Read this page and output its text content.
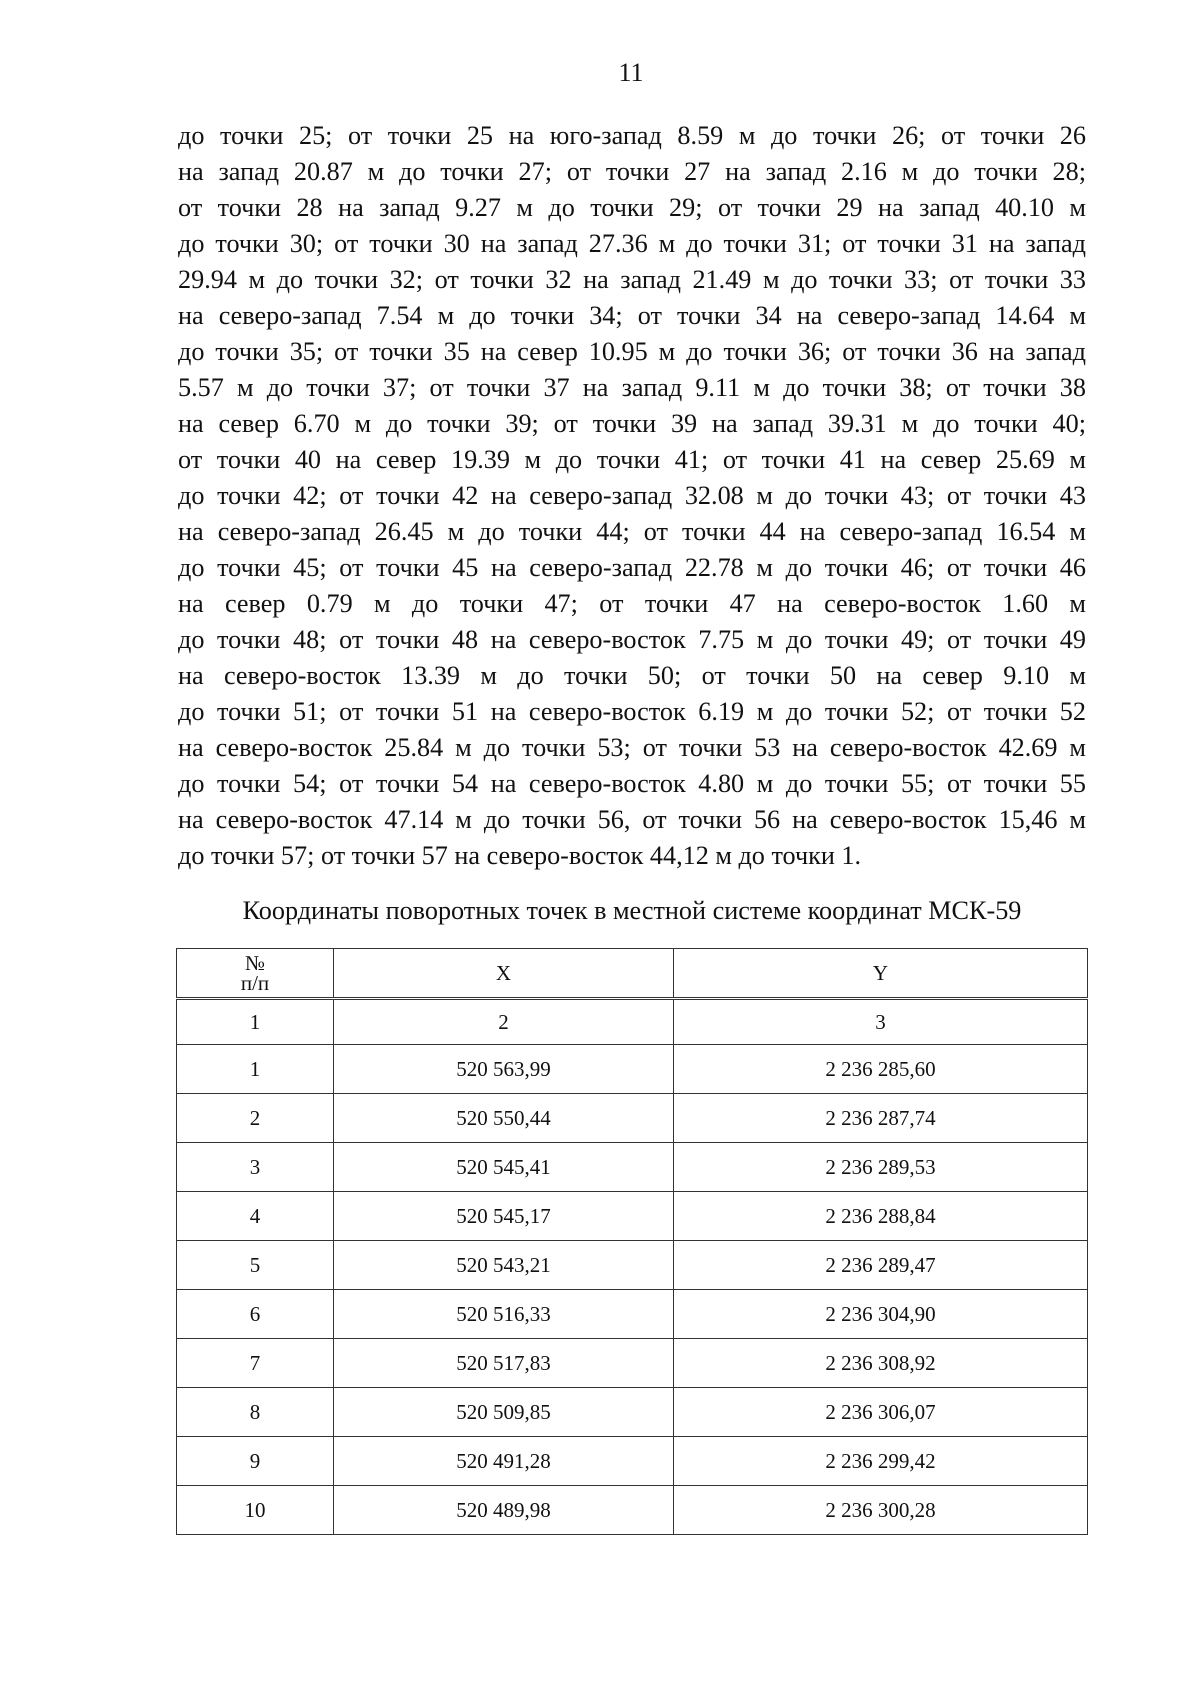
11
до точки 25; от точки 25 на юго-запад 8.59 м до точки 26; от точки 26
на запад 20.87 м до точки 27; от точки 27 на запад 2.16 м до точки 28;
от точки 28 на запад 9.27 м до точки 29; от точки 29 на запад 40.10 м
до точки 30; от точки 30 на запад 27.36 м до точки 31; от точки 31 на запад
29.94 м до точки 32; от точки 32 на запад 21.49 м до точки 33; от точки 33
на северо-запад 7.54 м до точки 34; от точки 34 на северо-запад 14.64 м
до точки 35; от точки 35 на север 10.95 м до точки 36; от точки 36 на запад
5.57 м до точки 37; от точки 37 на запад 9.11 м до точки 38; от точки 38
на север 6.70 м до точки 39; от точки 39 на запад 39.31 м до точки 40;
от точки 40 на север 19.39 м до точки 41; от точки 41 на север 25.69 м
до точки 42; от точки 42 на северо-запад 32.08 м до точки 43; от точки 43
на северо-запад 26.45 м до точки 44; от точки 44 на северо-запад 16.54 м
до точки 45; от точки 45 на северо-запад 22.78 м до точки 46; от точки 46
на север 0.79 м до точки 47; от точки 47 на северо-восток 1.60 м
до точки 48; от точки 48 на северо-восток 7.75 м до точки 49; от точки 49
на северо-восток 13.39 м до точки 50; от точки 50 на север 9.10 м
до точки 51; от точки 51 на северо-восток 6.19 м до точки 52; от точки 52
на северо-восток 25.84 м до точки 53; от точки 53 на северо-восток 42.69 м
до точки 54; от точки 54 на северо-восток 4.80 м до точки 55; от точки 55
на северо-восток 47.14 м до точки 56, от точки 56 на северо-восток 15,46 м
до точки 57; от точки 57 на северо-восток 44,12 м до точки 1.
Координаты поворотных точек в местной системе координат МСК-59
№
п/п	X	Y
1	2	3
1	520 563,99	2 236 285,60
2	520 550,44	2 236 287,74
3	520 545,41	2 236 289,53
4	520 545,17	2 236 288,84
5	520 543,21	2 236 289,47
6	520 516,33	2 236 304,90
7	520 517,83	2 236 308,92
8	520 509,85	2 236 306,07
9	520 491,28	2 236 299,42
10	520 489,98	2 236 300,28
